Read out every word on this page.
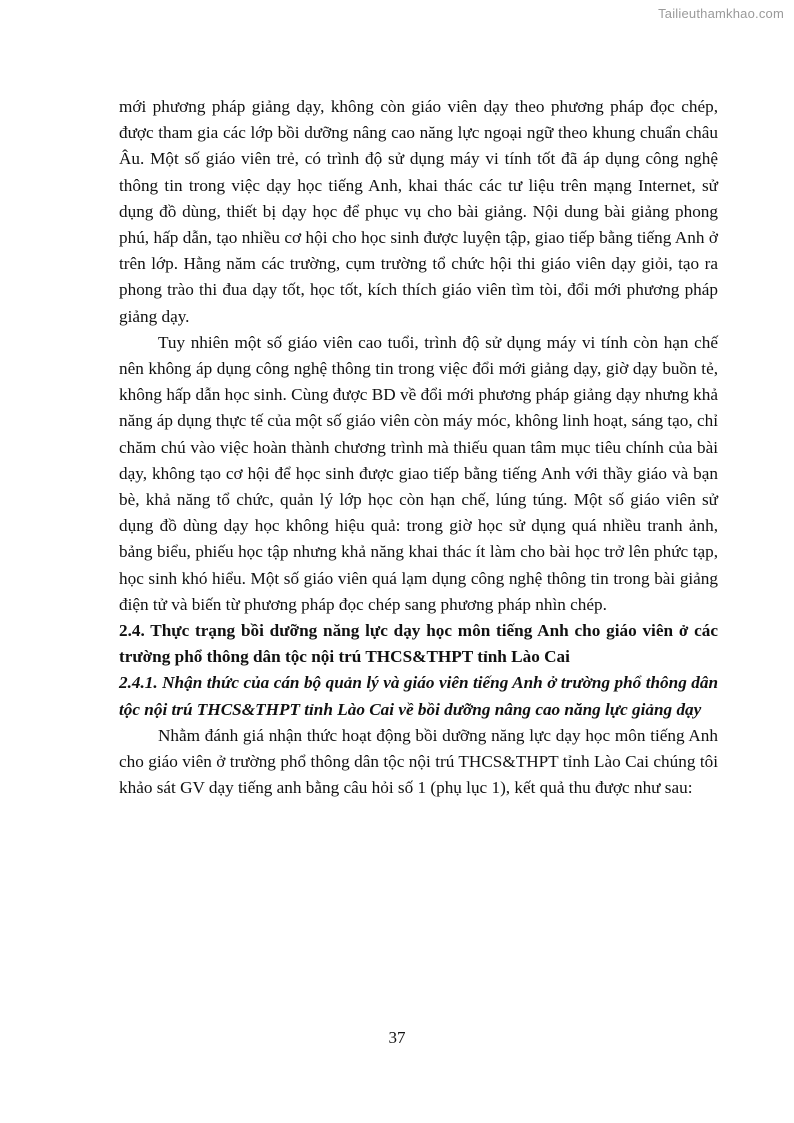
Tailieuthamkhao.com

mới phương pháp giảng dạy, không còn giáo viên dạy theo phương pháp đọc chép, được tham gia các lớp bồi dưỡng nâng cao năng lực ngoại ngữ theo khung chuẩn châu Âu. Một số giáo viên trẻ, có trình độ sử dụng máy vi tính tốt đã áp dụng công nghệ thông tin trong việc dạy học tiếng Anh, khai thác các tư liệu trên mạng Internet, sử dụng đồ dùng, thiết bị dạy học để phục vụ cho bài giảng. Nội dung bài giảng phong phú, hấp dẫn, tạo nhiều cơ hội cho học sinh được luyện tập, giao tiếp bằng tiếng Anh ở trên lớp. Hằng năm các trường, cụm trường tổ chức hội thi giáo viên dạy giỏi, tạo ra phong trào thi đua dạy tốt, học tốt, kích thích giáo viên tìm tòi, đổi mới phương pháp giảng dạy.

Tuy nhiên một số giáo viên cao tuổi, trình độ sử dụng máy vi tính còn hạn chế nên không áp dụng công nghệ thông tin trong việc đổi mới giảng dạy, giờ dạy buồn tẻ, không hấp dẫn học sinh. Cùng được BD về đổi mới phương pháp giảng dạy nhưng khả năng áp dụng thực tế của một số giáo viên còn máy móc, không linh hoạt, sáng tạo, chỉ chăm chú vào việc hoàn thành chương trình mà thiếu quan tâm mục tiêu chính của bài dạy, không tạo cơ hội để học sinh được giao tiếp bằng tiếng Anh với thầy giáo và bạn bè, khả năng tổ chức, quản lý lớp học còn hạn chế, lúng túng. Một số giáo viên sử dụng đồ dùng dạy học không hiệu quả: trong giờ học sử dụng quá nhiều tranh ảnh, bảng biểu, phiếu học tập nhưng khả năng khai thác ít làm cho bài học trở lên phức tạp, học sinh khó hiểu. Một số giáo viên quá lạm dụng công nghệ thông tin trong bài giảng điện tử và biến từ phương pháp đọc chép sang phương pháp nhìn chép.

2.4. Thực trạng bồi dưỡng năng lực dạy học môn tiếng Anh cho giáo viên ở các trường phổ thông dân tộc nội trú THCS&THPT tỉnh Lào Cai

2.4.1. Nhận thức của cán bộ quản lý và giáo viên tiếng Anh ở trường phổ thông dân tộc nội trú THCS&THPT tỉnh Lào Cai về bồi dưỡng nâng cao năng lực giảng dạy

Nhằm đánh giá nhận thức hoạt động bồi dưỡng năng lực dạy học môn tiếng Anh cho giáo viên ở trường phổ thông dân tộc nội trú THCS&THPT tỉnh Lào Cai chúng tôi khảo sát GV dạy tiếng anh bằng câu hỏi số 1 (phụ lục 1), kết quả thu được như sau:

37
